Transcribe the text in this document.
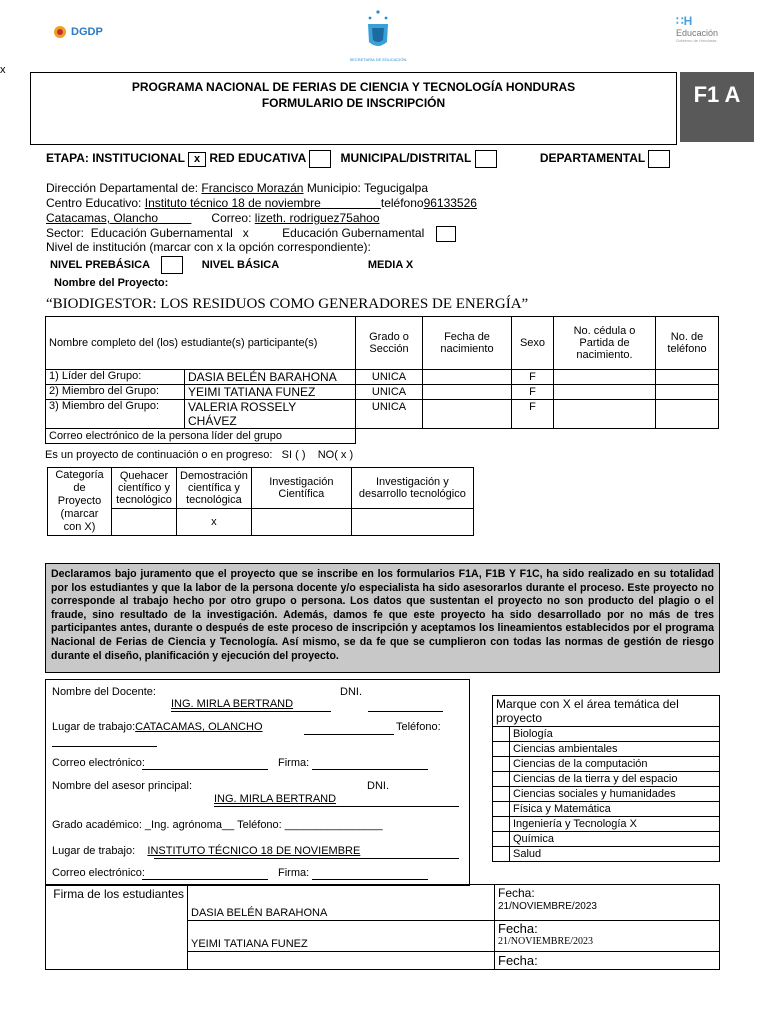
x
DGDP
SECRETARÍA DE EDUCACIÓN
∷H
Educación
Gobierno de Honduras
PROGRAMA NACIONAL DE FERIAS DE CIENCIA Y TECNOLOGÍA HONDURAS
FORMULARIO DE INSCRIPCIÓN	F1 A
ETAPA: INSTITUCIONAL x RED EDUCATIVA	MUNICIPAL/DISTRITAL	DEPARTAMENTAL
Dirección Departamental de: Francisco Morazán Municipio: Tegucigalpa
Centro Educativo: Instituto técnico 18 de noviembre	teléfono96133526
Catacamas, Olancho	Correo: lizeth. rodriguez75ahoo
Sector: Educación Gubernamental x	Educación Gubernamental
Nivel de institución (marcar con x la opción correspondiente):
NIVEL PREBÁSICA	NIVEL BÁSICA	MEDIA X
Nombre del Proyecto:
“BIODIGESTOR: LOS RESIDUOS COMO GENERADORES DE ENERGÍA”
Nombre completo del (los) estudiante(s) participante(s)	Grado o Sección	Fecha de nacimiento	Sexo	No. cédula o Partida de nacimiento.	No. de teléfono

1) Líder del Grupo: DASIA BELÉN BARAHONA	UNICA		F		

2) Miembro del Grupo: YEIMI TATIANA FUNEZ	UNICA		F		

3) Miembro del Grupo: VALERIA ROSSELY CHÁVEZ	UNICA		F		
Correo electrónico de la persona líder del grupo					
Es un proyecto de continuación o en progreso:   SI ( )    NO( x )
Categoría de Proyecto (marcar con X)	Quehacer científico y tecnológico	Demostración científica y tecnológica	Investigación Científica	Investigación y desarrollo tecnológico
		x		
Declaramos bajo juramento que el proyecto que se inscribe en los formularios F1A, F1B Y F1C, ha sido realizado en su totalidad por los estudiantes y que la labor de la persona docente y/o especialista ha sido asesorarlos durante el proceso. Este proyecto no corresponde al trabajo hecho por otro grupo o persona. Los datos que sustentan el proyecto no son producto del plagio o el fraude, sino resultado de la investigación. Además, damos fe que este proyecto ha sido desarrollado por no más de tres participantes antes, durante o después de este proceso de inscripción y aceptamos los lineamientos establecidos por el programa Nacional de Ferias de Ciencia y Tecnología. Así mismo, se da fe que se cumplieron con todas las normas de gestión de riesgo durante el diseño, planificación y ejecución del proyecto.
Nombre del Docente:	DNI.
ING. MIRLA BERTRAND
Lugar de trabajo:CATACAMAS, OLANCHO	Teléfono:
Correo electrónico:	Firma:
Nombre del asesor principal:	DNI.
ING. MIRLA BERTRAND
Grado académico: _Ing. agrónoma__ Teléfono: ________________
Lugar de trabajo: INSTITUTO TÉCNICO 18 DE NOVIEMBRE
Correo electrónico:	Firma:
Marque con X el área temática del proyecto	
	Biología
	Ciencias ambientales
	Ciencias de la computación
	Ciencias de la tierra y del espacio
	Ciencias sociales y humanidades
	Física y Matemática
	Ingeniería y Tecnología X
	Química
	Salud
Firma de los estudiantes	DASIA BELÉN BARAHONA	Fecha:
21/NOVIEMBRE/2023

	YEIMI TATIANA FUNEZ	Fecha:
21/NOVIEMBRE/2023

		Fecha:
